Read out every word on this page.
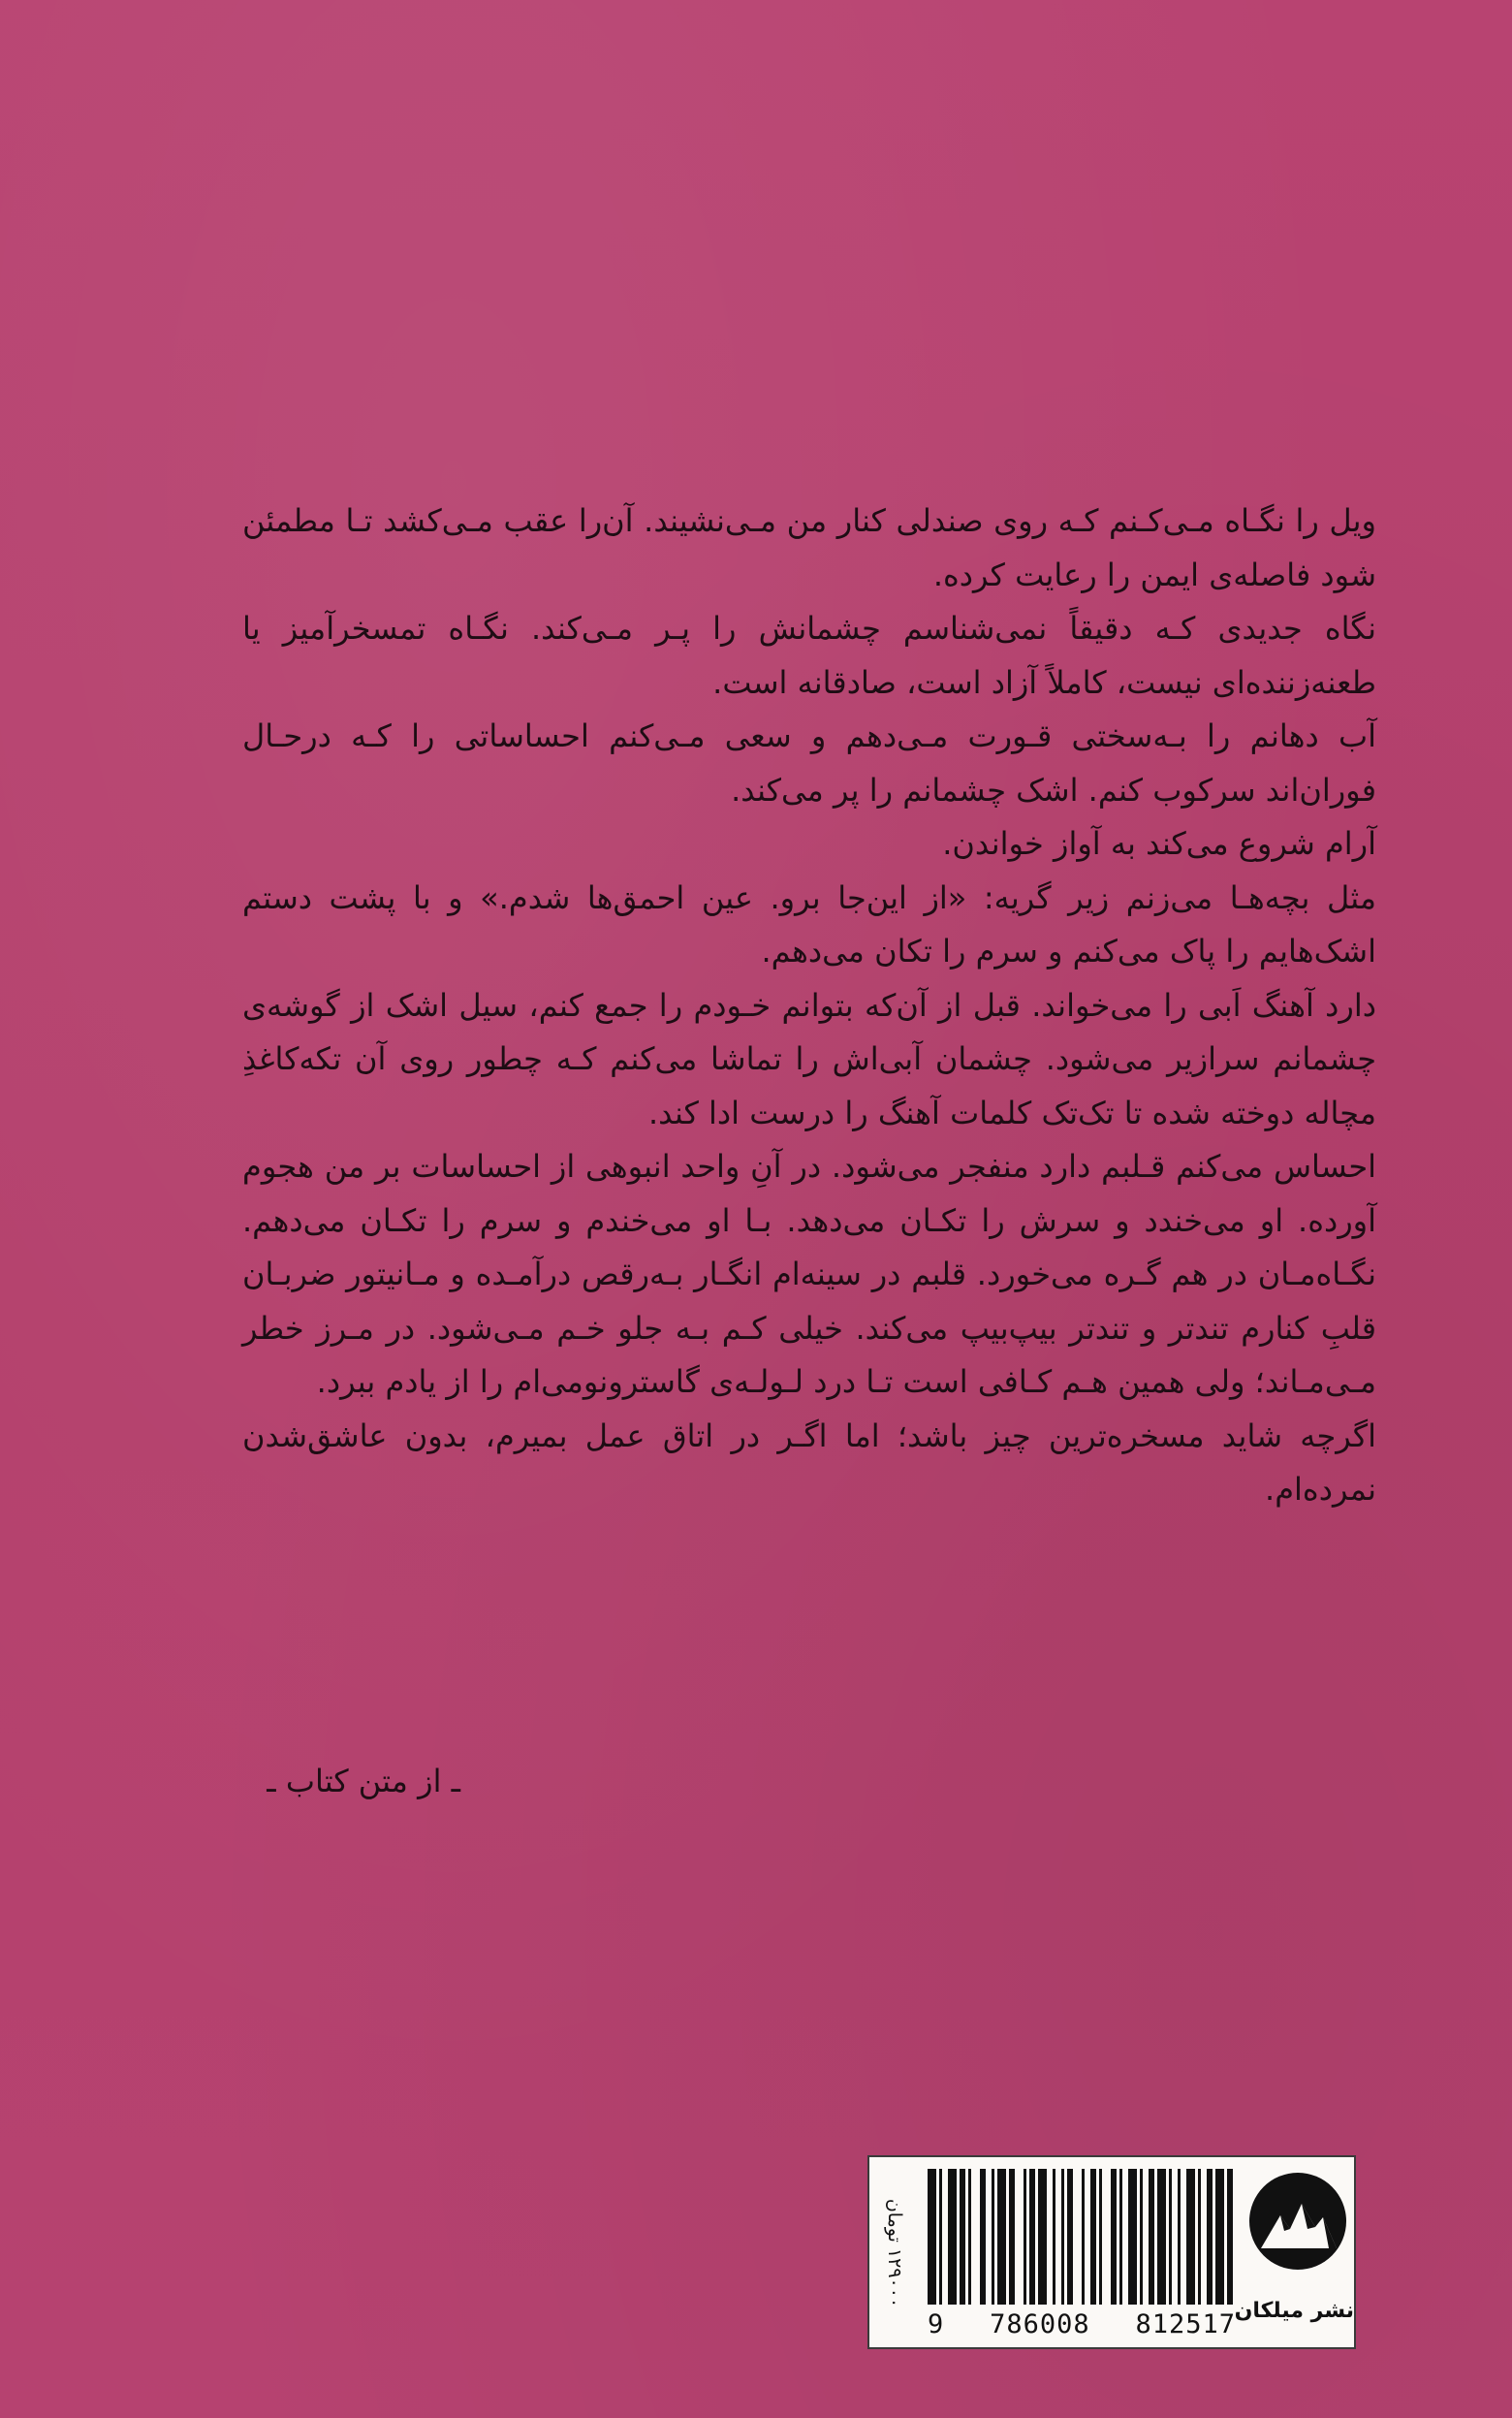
ویل را نگـاه مـی‌کـنم کـه روی صندلی کنار من مـی‌نشیند. آن‌را عقب مـی‌کشد تـا مطمئن شود فاصله‌ی ایمن را رعایت کرده.

نگاه جدیدی کـه دقیقاً نمی‌شناسم چشمانش را پـر مـی‌کند. نگـاه تمسخرآمیز یا طعنه‌زننده‌ای نیست، کاملاً آزاد است، صادقانه است.

آب دهانم را بـه‌سختی قـورت مـی‌دهم و سعی مـی‌کنم احساساتی را کـه درحـال فوران‌اند سرکوب کنم. اشک چشمانم را پر می‌کند.

آرام شروع می‌کند به آواز خواندن.

مثل بچه‌هـا می‌زنم زیر گریه: «از این‌جا برو. عین احمق‌ها شدم.» و با پشت دستم اشک‌هایم را پاک می‌کنم و سرم را تکان می‌دهم.

دارد آهنگ اَبی را می‌خواند. قبل از آن‌که بتوانم خـودم را جمع کنم، سیل اشک از گوشه‌ی چشمانم سرازیر می‌شود. چشمان آبی‌اش را تماشا می‌کنم کـه چطور روی آن تکه‌کاغذِ مچاله دوخته شده تا تک‌تک کلمات آهنگ را درست ادا کند.

احساس می‌کنم قـلبم دارد منفجر می‌شود. در آنِ واحد انبوهی از احساسات بر من هجوم آورده. او می‌خندد و سرش را تکـان می‌دهد. بـا او می‌خندم و سرم را تکـان می‌دهم. نگـاه‌مـان در هم گـره می‌خورد. قلبم در سینه‌ام انگـار بـه‌رقص درآمـده و مـانیتور ضربـان قلبِ کنارم تندتر و تندتر بیپ‌بیپ می‌کند. خیلی کـم بـه جلو خـم مـی‌شود. در مـرز خطر مـی‌مـاند؛ ولی همین هـم کـافی است تـا درد لـولـه‌ی گاسترونومی‌ام را از یادم ببرد.

اگرچه شاید مسخره‌ترین چیز باشد؛ اما اگـر در اتاق عمل بمیرم، بدون عاشق‌شدن نمرده‌ام.

ـ از متن کتاب ـ
۱۲۹۰۰۰ تومان
9 786008 812517
نشر میلکان
